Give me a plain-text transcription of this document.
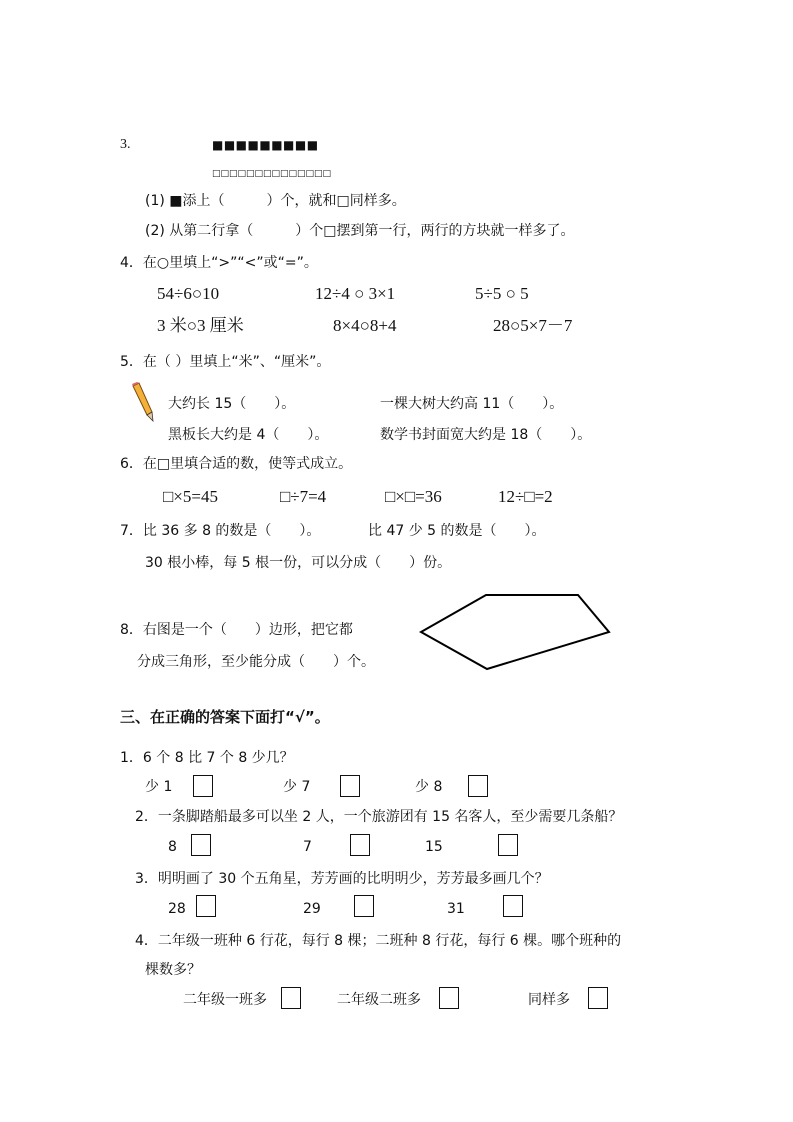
3.	■■■■■■■■■
□□□□□□□□□□□□□□
(1) ■添上（　　　）个，就和□同样多。
(2) 从第二行拿（　　　）个□摆到第一行，两行的方块就一样多了。
4．在○里填上“>”“<”或“=”。
54÷6○10	12÷4 ○ 3×1	5÷5 ○ 5
3 米○3 厘米	8×4○8+4	28○5×7－7
5．在（ ）里填上“米”、“厘米”。
大约长 15（　　）。	一棵大树大约高 11（　　）。
黑板长大约是 4（　　）。	数学书封面宽大约是 18（　　）。
6．在□里填合适的数，使等式成立。
□×5=45	□÷7=4	□×□=36	12÷□=2
7．比 36 多 8 的数是（　　）。	比 47 少 5 的数是（　　）。
30 根小棒，每 5 根一份，可以分成（　　）份。
8．右图是一个（　　）边形，把它都
分成三角形，至少能分成（　　）个。
三、在正确的答案下面打“√”。
1．6 个 8 比 7 个 8 少几？
少 1	少 7	少 8
2．一条脚踏船最多可以坐 2 人，一个旅游团有 15 名客人，至少需要几条船？
8	7	15
3．明明画了 30 个五角星，芳芳画的比明明少，芳芳最多画几个？
28	29	31
4．二年级一班种 6 行花，每行 8 棵；二班种 8 行花，每行 6 棵。哪个班种的
棵数多？
二年级一班多	二年级二班多	同样多
